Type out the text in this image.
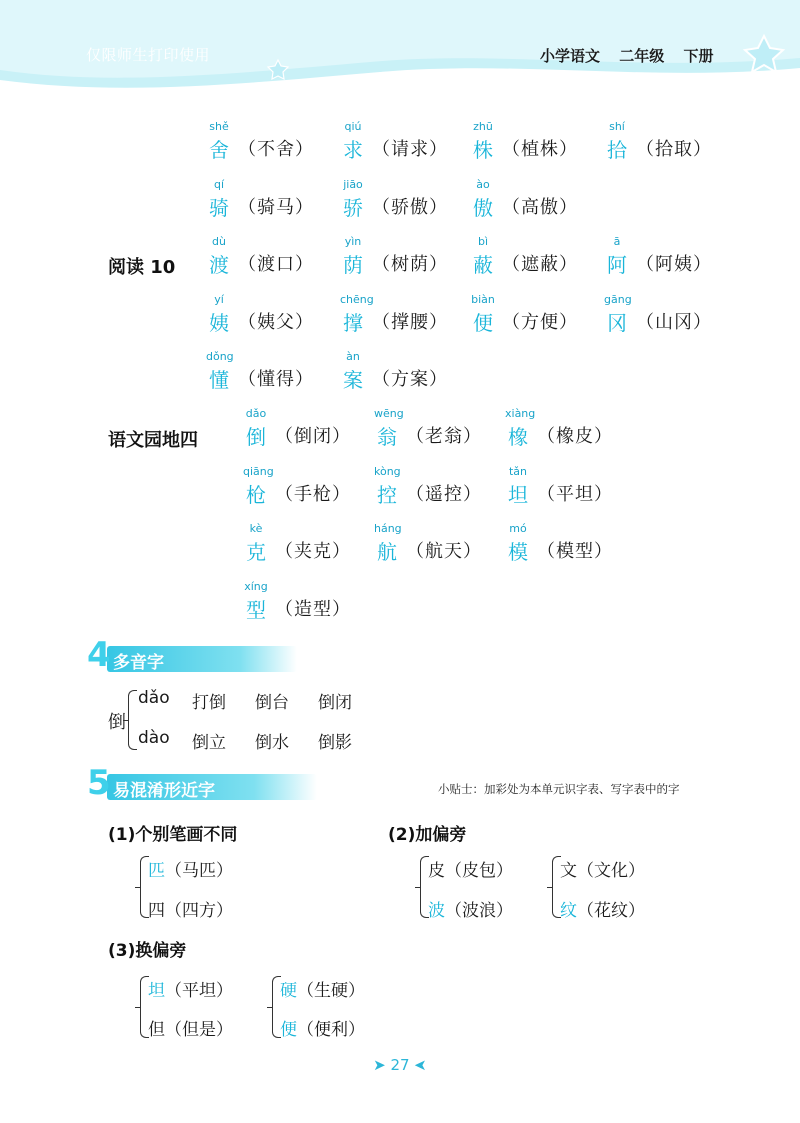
仅限师生打印使用	小学语文 二年级 下册
shě
舍 （不舍）
qiú
求 （请求）
zhū
株 （植株）
shí
拾 （拾取）
qí
骑 （骑马）
jiāo
骄 （骄傲）
ào
傲 （高傲）
阅读 10
dù
渡 （渡口）
yìn
荫 （树荫）
bì
蔽 （遮蔽）
ā
阿 （阿姨）
yí
姨 （姨父）
chēng
撑 （撑腰）
biàn
便 （方便）
gāng
冈 （山冈）
dǒng
懂 （懂得）
àn
案 （方案）
语文园地四
dǎo
倒 （倒闭）
wēng
翁 （老翁）
xiàng
橡 （橡皮）
qiāng
枪 （手枪）
kòng
控 （遥控）
tǎn
坦 （平坦）
kè
克 （夹克）
háng
航 （航天）
mó
模 （模型）
xíng
型 （造型）
4 多音字
倒
dǎo 打倒 倒台 倒闭
dào 倒立 倒水 倒影
5 易混淆形近字	小贴士：加彩处为本单元识字表、写字表中的字
(1)个别笔画不同
匹（马匹）
四（四方）
(2)加偏旁
皮（皮包）
波（波浪）
文（文化）
纹（花纹）
(3)换偏旁
坦（平坦）
但（但是）
硬（生硬）
便（便利）
➤ 27 ➤
